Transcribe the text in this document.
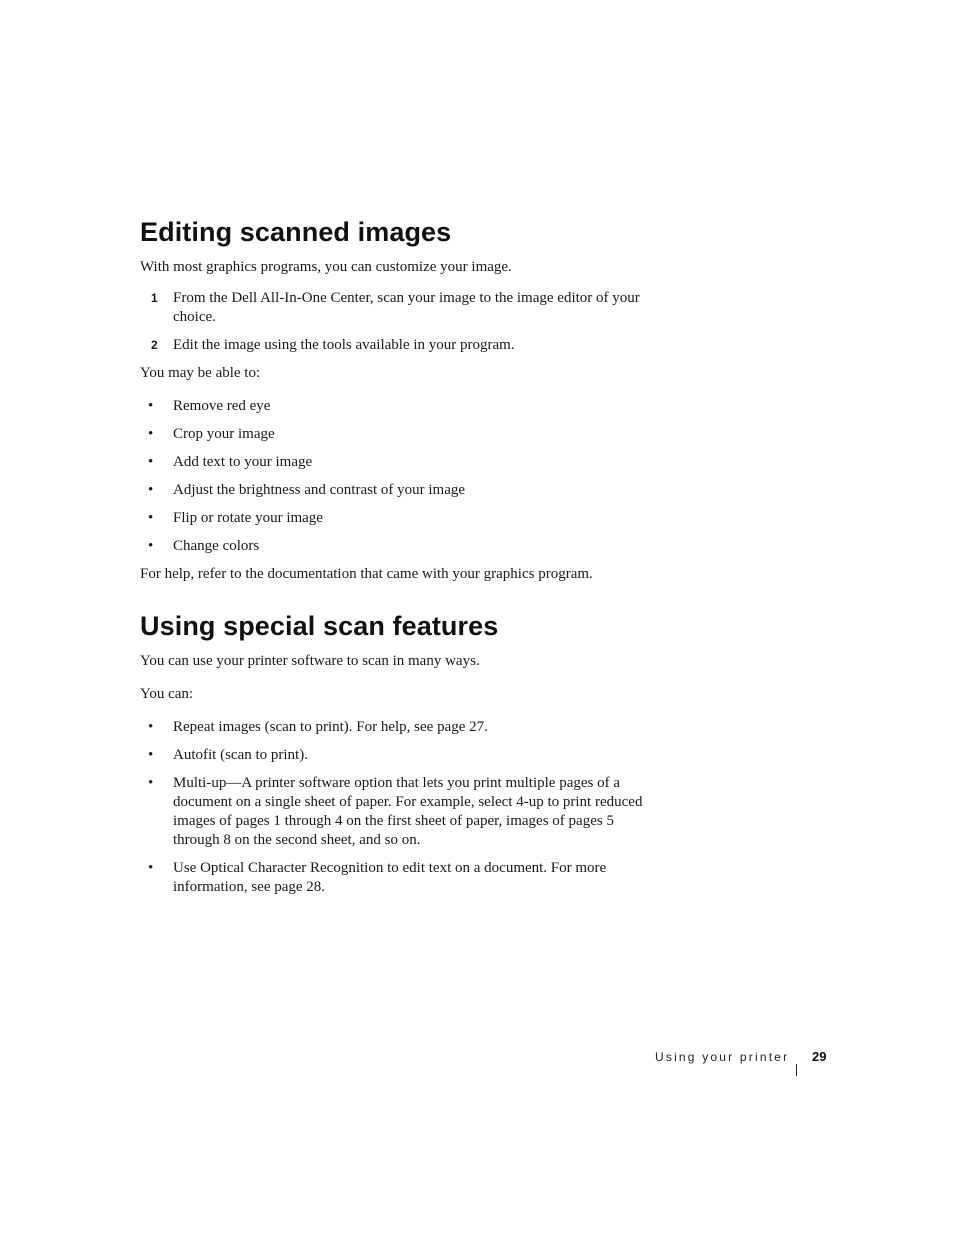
Editing scanned images

With most graphics programs, you can customize your image.

1 From the Dell All-In-One Center, scan your image to the image editor of your choice.
2 Edit the image using the tools available in your program.

You may be able to:

• Remove red eye
• Crop your image
• Add text to your image
• Adjust the brightness and contrast of your image
• Flip or rotate your image
• Change colors

For help, refer to the documentation that came with your graphics program.

Using special scan features

You can use your printer software to scan in many ways.

You can:

• Repeat images (scan to print). For help, see page 27.
• Autofit (scan to print).
• Multi-up—A printer software option that lets you print multiple pages of a document on a single sheet of paper. For example, select 4-up to print reduced images of pages 1 through 4 on the first sheet of paper, images of pages 5 through 8 on the second sheet, and so on.
• Use Optical Character Recognition to edit text on a document. For more information, see page 28.
Using your printer 29
